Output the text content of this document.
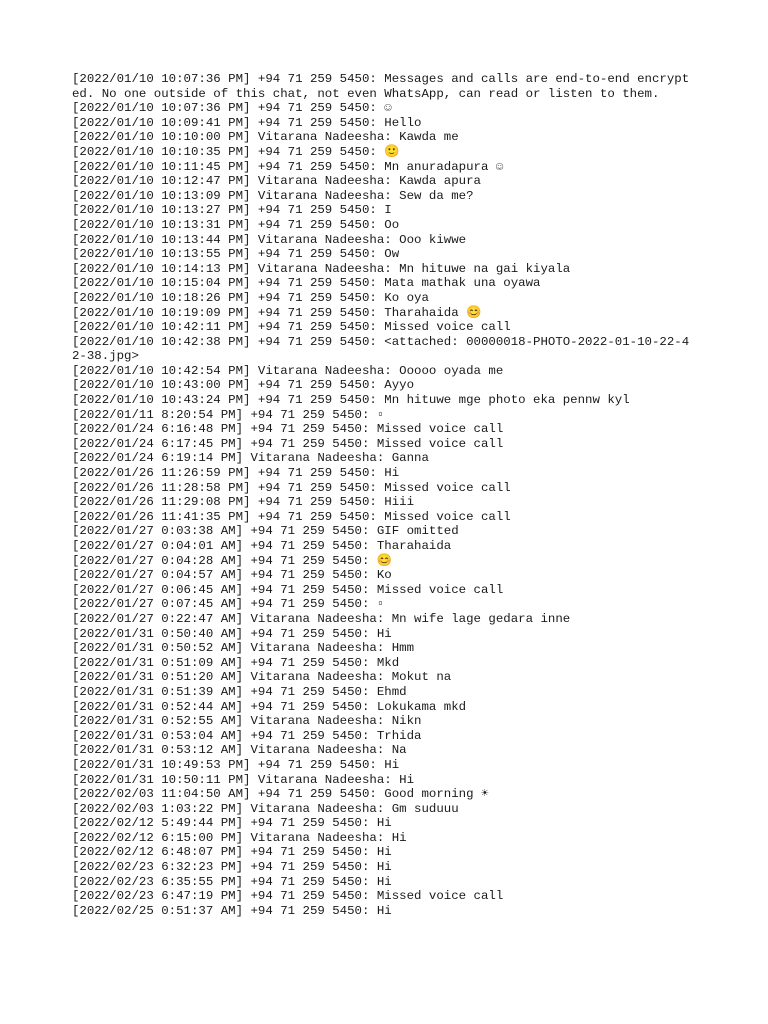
[2022/01/10 10:07:36 PM] +94 71 259 5450: Messages and calls are end-to-end encrypted. No one outside of this chat, not even WhatsApp, can read or listen to them.

[2022/01/10 10:07:36 PM] +94 71 259 5450: ☺

[2022/01/10 10:09:41 PM] +94 71 259 5450: Hello

[2022/01/10 10:10:00 PM] Vitarana Nadeesha: Kawda me

[2022/01/10 10:10:35 PM] +94 71 259 5450: 🙂

[2022/01/10 10:11:45 PM] +94 71 259 5450: Mn anuradapura ☺

[2022/01/10 10:12:47 PM] Vitarana Nadeesha: Kawda apura

[2022/01/10 10:13:09 PM] Vitarana Nadeesha: Sew da me?

[2022/01/10 10:13:27 PM] +94 71 259 5450: I

[2022/01/10 10:13:31 PM] +94 71 259 5450: Oo

[2022/01/10 10:13:44 PM] Vitarana Nadeesha: Ooo kiwwe

[2022/01/10 10:13:55 PM] +94 71 259 5450: Ow

[2022/01/10 10:14:13 PM] Vitarana Nadeesha: Mn hituwe na gai kiyala

[2022/01/10 10:15:04 PM] +94 71 259 5450: Mata mathak una oyawa

[2022/01/10 10:18:26 PM] +94 71 259 5450: Ko oya

[2022/01/10 10:19:09 PM] +94 71 259 5450: Tharahaida 😊

[2022/01/10 10:42:11 PM] +94 71 259 5450: Missed voice call

[2022/01/10 10:42:38 PM] +94 71 259 5450: <attached: 00000018-PHOTO-2022-01-10-22-42-38.jpg>

[2022/01/10 10:42:54 PM] Vitarana Nadeesha: Ooooo oyada me

[2022/01/10 10:43:00 PM] +94 71 259 5450: Ayyo

[2022/01/10 10:43:24 PM] +94 71 259 5450: Mn hituwe mge photo eka pennw kyl

[2022/01/11 8:20:54 PM] +94 71 259 5450: ▫

[2022/01/24 6:16:48 PM] +94 71 259 5450: Missed voice call

[2022/01/24 6:17:45 PM] +94 71 259 5450: Missed voice call

[2022/01/24 6:19:14 PM] Vitarana Nadeesha: Ganna

[2022/01/26 11:26:59 PM] +94 71 259 5450: Hi

[2022/01/26 11:28:58 PM] +94 71 259 5450: Missed voice call

[2022/01/26 11:29:08 PM] +94 71 259 5450: Hiii

[2022/01/26 11:41:35 PM] +94 71 259 5450: Missed voice call

[2022/01/27 0:03:38 AM] +94 71 259 5450: GIF omitted

[2022/01/27 0:04:01 AM] +94 71 259 5450: Tharahaida

[2022/01/27 0:04:28 AM] +94 71 259 5450: 😊

[2022/01/27 0:04:57 AM] +94 71 259 5450: Ko

[2022/01/27 0:06:45 AM] +94 71 259 5450: Missed voice call

[2022/01/27 0:07:45 AM] +94 71 259 5450: ▫

[2022/01/27 0:22:47 AM] Vitarana Nadeesha: Mn wife lage gedara inne

[2022/01/31 0:50:40 AM] +94 71 259 5450: Hi

[2022/01/31 0:50:52 AM] Vitarana Nadeesha: Hmm

[2022/01/31 0:51:09 AM] +94 71 259 5450: Mkd

[2022/01/31 0:51:20 AM] Vitarana Nadeesha: Mokut na

[2022/01/31 0:51:39 AM] +94 71 259 5450: Ehmd

[2022/01/31 0:52:44 AM] +94 71 259 5450: Lokukama mkd

[2022/01/31 0:52:55 AM] Vitarana Nadeesha: Nikn

[2022/01/31 0:53:04 AM] +94 71 259 5450: Trhida

[2022/01/31 0:53:12 AM] Vitarana Nadeesha: Na

[2022/01/31 10:49:53 PM] +94 71 259 5450: Hi

[2022/01/31 10:50:11 PM] Vitarana Nadeesha: Hi

[2022/02/03 11:04:50 AM] +94 71 259 5450: Good morning ☀

[2022/02/03 1:03:22 PM] Vitarana Nadeesha: Gm suduuu

[2022/02/12 5:49:44 PM] +94 71 259 5450: Hi

[2022/02/12 6:15:00 PM] Vitarana Nadeesha: Hi

[2022/02/12 6:48:07 PM] +94 71 259 5450: Hi

[2022/02/23 6:32:23 PM] +94 71 259 5450: Hi

[2022/02/23 6:35:55 PM] +94 71 259 5450: Hi

[2022/02/23 6:47:19 PM] +94 71 259 5450: Missed voice call

[2022/02/25 0:51:37 AM] +94 71 259 5450: Hi
